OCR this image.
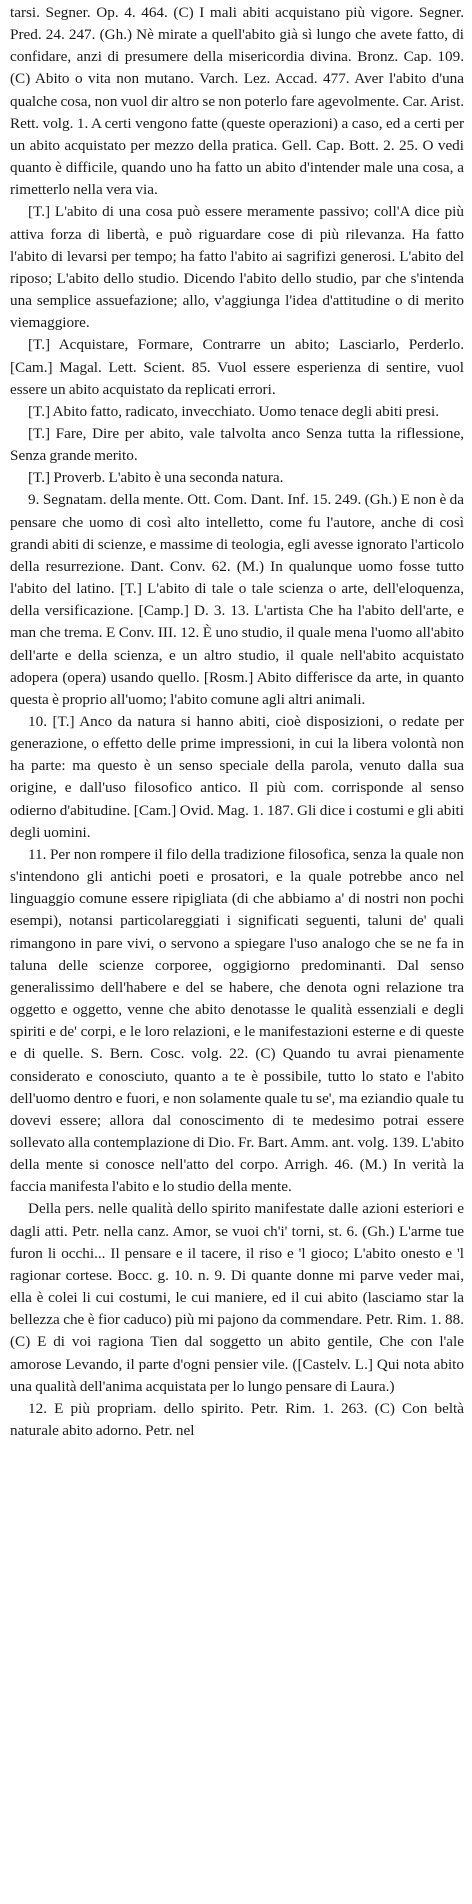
tarsi. Segner. Op. 4. 464. (C) I mali abiti acquistano più vigore. Segner. Pred. 24. 247. (Gh.) Nè mirate a quell'abito già sì lungo che avete fatto, di confidare, anzi di presumere della misericordia divina. Bronz. Cap. 109. (C) Abito o vita non mutano. Varch. Lez. Accad. 477. Aver l'abito d'una qualche cosa, non vuol dir altro se non poterlo fare agevolmente. Car. Arist. Rett. volg. 1. A certi vengono fatte (queste operazioni) a caso, ed a certi per un abito acquistato per mezzo della pratica. Gell. Cap. Bott. 2. 25. O vedi quanto è difficile, quando uno ha fatto un abito d'intender male una cosa, a rimetterlo nella vera via.

[T.] L'abito di una cosa può essere meramente passivo; coll'A dice più attiva forza di libertà, e può riguardare cose di più rilevanza. Ha fatto l'abito di levarsi per tempo; ha fatto l'abito ai sagrifizi generosi. L'abito del riposo; L'abito dello studio. Dicendo l'abito dello studio, par che s'intenda una semplice assuefazione; allo, v'aggiunga l'idea d'attitudine o di merito viemaggiore.

[T.] Acquistare, Formare, Contrarre un abito; Lasciarlo, Perderlo. [Cam.] Magal. Lett. Scient. 85. Vuol essere esperienza di sentire, vuol essere un abito acquistato da replicati errori.

[T.] Abito fatto, radicato, invecchiato. Uomo tenace degli abiti presi.

[T.] Fare, Dire per abito, vale talvolta anco Senza tutta la riflessione, Senza grande merito.

[T.] Proverb. L'abito è una seconda natura.

9. Segnatam. della mente. Ott. Com. Dant. Inf. 15. 249. (Gh.) E non è da pensare che uomo di così alto intelletto, come fu l'autore, anche di così grandi abiti di scienze, e massime di teologia, egli avesse ignorato l'articolo della resurrezione. Dant. Conv. 62. (M.) In qualunque uomo fosse tutto l'abito del latino. [T.] L'abito di tale o tale scienza o arte, dell'eloquenza, della versificazione. [Camp.] D. 3. 13. L'artista Che ha l'abito dell'arte, e man che trema. E Conv. III. 12. È uno studio, il quale mena l'uomo all'abito dell'arte e della scienza, e un altro studio, il quale nell'abito acquistato adopera (opera) usando quello. [Rosm.] Abito differisce da arte, in quanto questa è proprio all'uomo; l'abito comune agli altri animali.

10. [T.] Anco da natura si hanno abiti, cioè disposizioni, o redate per generazione, o effetto delle prime impressioni, in cui la libera volontà non ha parte: ma questo è un senso speciale della parola, venuto dalla sua origine, e dall'uso filosofico antico. Il più com. corrisponde al senso odierno d'abitudine. [Cam.] Ovid. Mag. 1. 187. Gli dice i costumi e gli abiti degli uomini.

11. Per non rompere il filo della tradizione filosofica, senza la quale non s'intendono gli antichi poeti e prosatori, e la quale potrebbe anco nel linguaggio comune essere ripigliata (di che abbiamo a' di nostri non pochi esempi), notansi particolareggiati i significati seguenti, taluni de' quali rimangono in pare vivi, o servono a spiegare l'uso analogo che se ne fa in taluna delle scienze corporee, oggigiorno predominanti. Dal senso generalissimo dell'habere e del se habere, che denota ogni relazione tra oggetto e oggetto, venne che abito denotasse le qualità essenziali e degli spiriti e de' corpi, e le loro relazioni, e le manifestazioni esterne e di queste e di quelle. S. Bern. Cosc. volg. 22. (C) Quando tu avrai pienamente considerato e conosciuto, quanto a te è possibile, tutto lo stato e l'abito dell'uomo dentro e fuori, e non solamente quale tu se', ma eziandio quale tu dovevi essere; allora dal conoscimento di te medesimo potrai essere sollevato alla contemplazione di Dio. Fr. Bart. Amm. ant. volg. 139. L'abito della mente si conosce nell'atto del corpo. Arrigh. 46. (M.) In verità la faccia manifesta l'abito e lo studio della mente.

Della pers. nelle qualità dello spirito manifestate dalle azioni esteriori e dagli atti. Petr. nella canz. Amor, se vuoi ch'i' torni, st. 6. (Gh.) L'arme tue furon li occhi... Il pensare e il tacere, il riso e 'l gioco; L'abito onesto e 'l ragionar cortese. Bocc. g. 10. n. 9. Di quante donne mi parve veder mai, ella è colei li cui costumi, le cui maniere, ed il cui abito (lasciamo star la bellezza che è fior caduco) più mi pajono da commendare. Petr. Rim. 1. 88. (C) E di voi ragiona Tien dal soggetto un abito gentile, Che con l'ale amorose Levando, il parte d'ogni pensier vile. ([Castelv. L.] Qui nota abito una qualità dell'anima acquistata per lo lungo pensare di Laura.)

12. E più propriam. dello spirito. Petr. Rim. 1. 263. (C) Con beltà naturale abito adorno. Petr. nel
